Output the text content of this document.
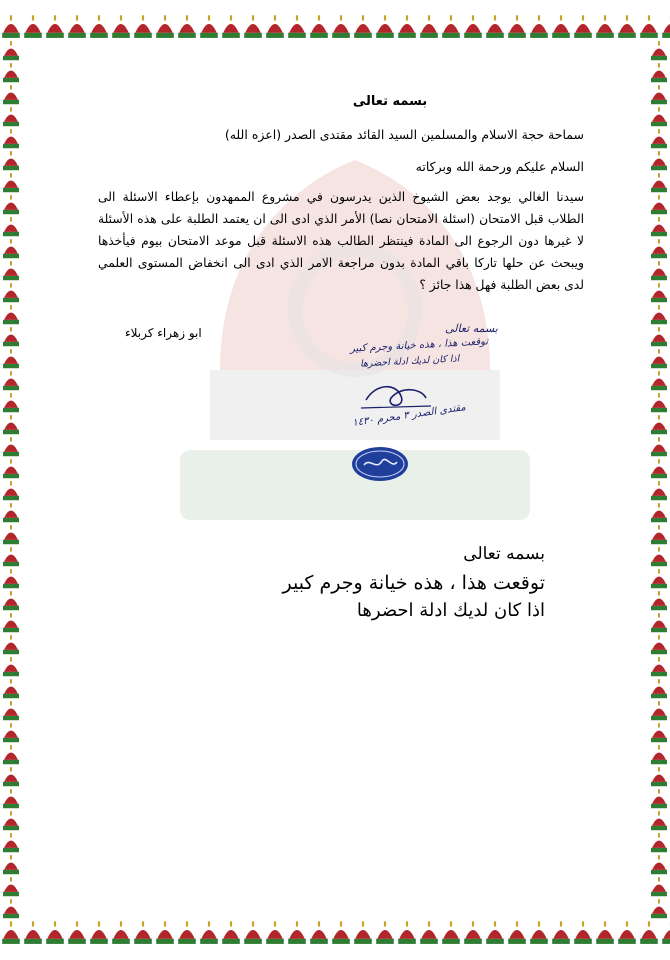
بسمه تعالى
سماحة حجة الاسلام والمسلمين السيد القائد مقتدى الصدر (اعزه الله)
السلام عليكم ورحمة الله وبركاته
سيدنا الغالي يوجد بعض الشيوخ الذين يدرسون في مشروع الممهدون بإعطاء الاسئلة الى الطلاب قبل الامتحان (اسئلة الامتحان نصا) الأمر الذي ادى الى ان يعتمد الطلبة على هذه الأسئلة لا غيرها دون الرجوع الى المادة فينتظر الطالب هذه الاسئلة قبل موعد الامتحان بيوم فيأخذها ويبحث عن حلها تاركا باقي المادة بدون مراجعة الامر الذي ادى الى انخفاض المستوى العلمي لدى بعض الطلبة فهل هذا جائز ؟
ابو زهراء كربلاء	بسمه تعالى
توقعت هذا ، هذه خيانة وجرم كبير
اذا كان لديك ادلة احضرها
مقتدى الصدر ٣ محرم ١٤٣٠
بسمه تعالى
توقعت هذا ، هذه خيانة وجرم كبير
اذا كان لديك ادلة احضرها
